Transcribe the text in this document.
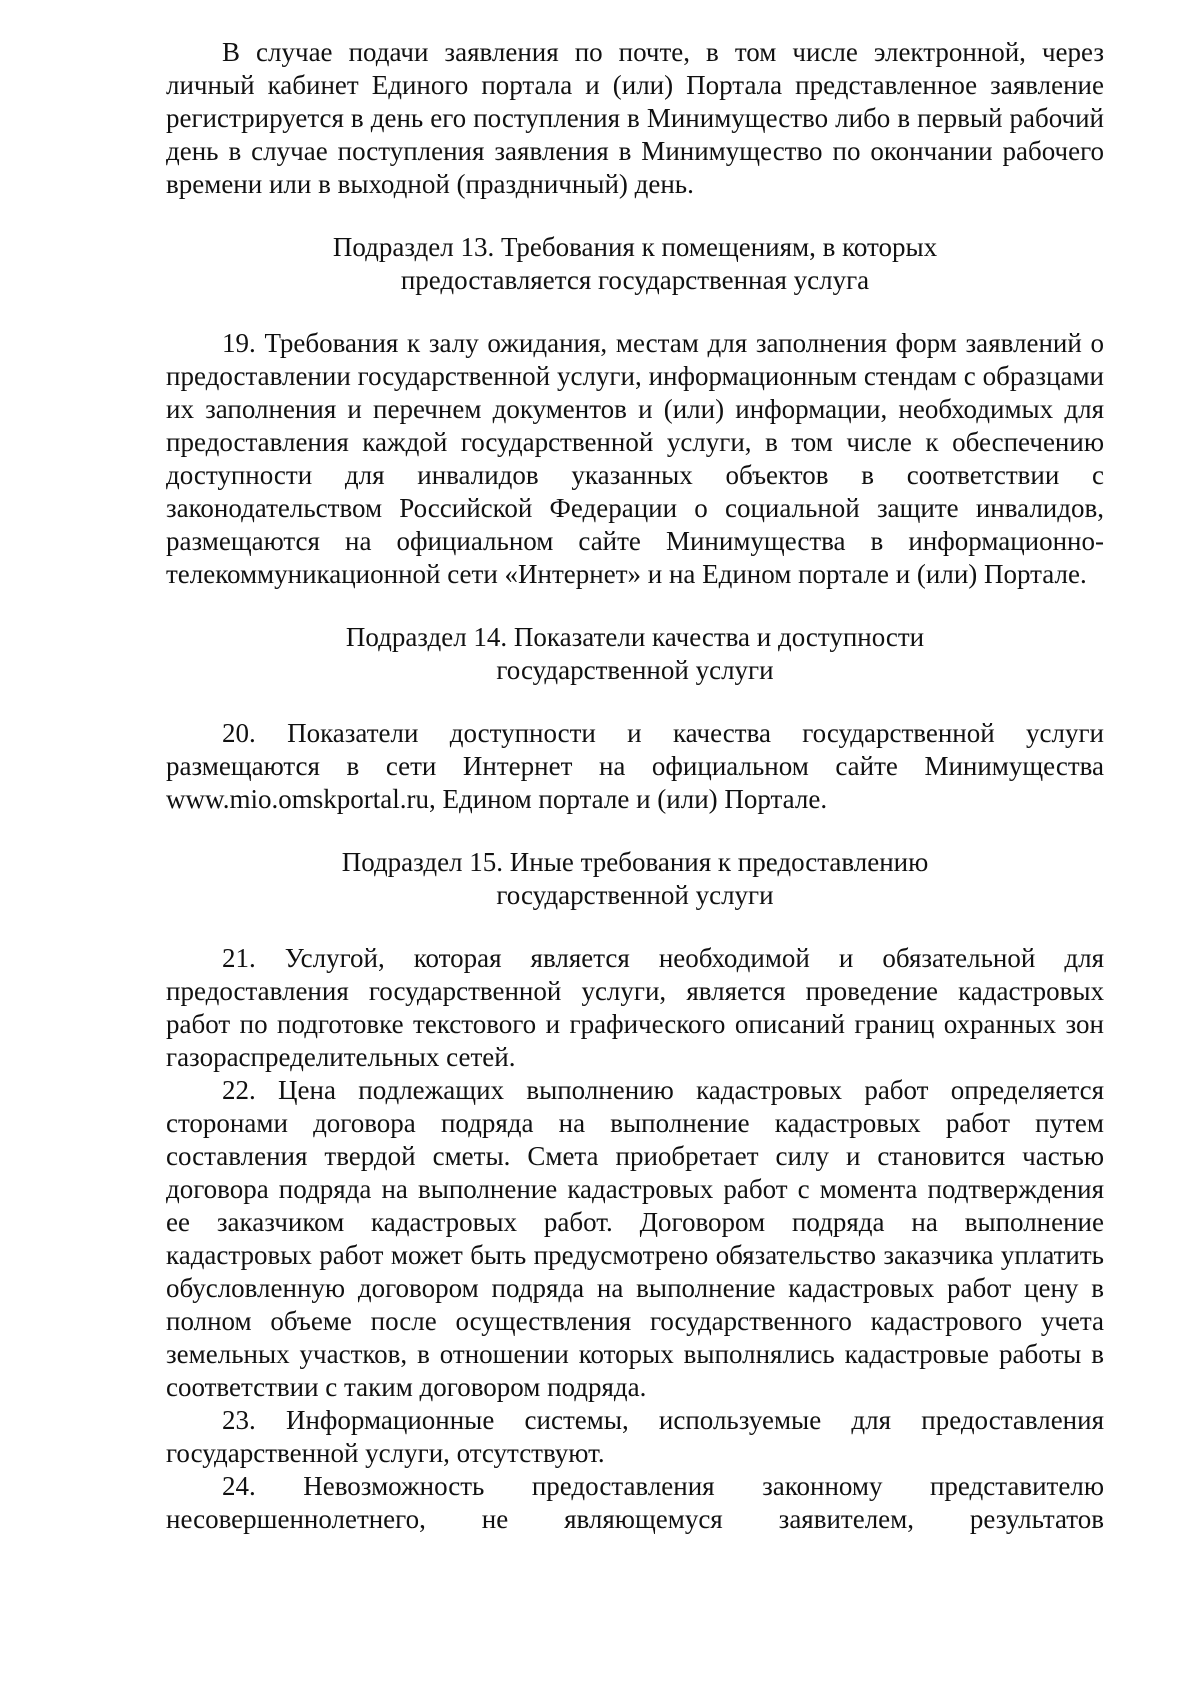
В случае подачи заявления по почте, в том числе электронной, через личный кабинет Единого портала и (или) Портала представленное заявление регистрируется в день его поступления в Минимущество либо в первый рабочий день в случае поступления заявления в Минимущество по окончании рабочего времени или в выходной (праздничный) день.

Подраздел 13. Требования к помещениям, в которых
предоставляется государственная услуга

19. Требования к залу ожидания, местам для заполнения форм заявлений о предоставлении государственной услуги, информационным стендам с образцами их заполнения и перечнем документов и (или) информации, необходимых для предоставления каждой государственной услуги, в том числе к обеспечению доступности для инвалидов указанных объектов в соответствии с законодательством Российской Федерации о социальной защите инвалидов, размещаются на официальном сайте Минимущества в информационно-телекоммуникационной сети «Интернет» и на Едином портале и (или) Портале.

Подраздел 14. Показатели качества и доступности
государственной услуги

20. Показатели доступности и качества государственной услуги размещаются в сети Интернет на официальном сайте Минимущества www.mio.omskportal.ru, Едином портале и (или) Портале.

Подраздел 15. Иные требования к предоставлению
государственной услуги

21. Услугой, которая является необходимой и обязательной для предоставления государственной услуги, является проведение кадастровых работ по подготовке текстового и графического описаний границ охранных зон газораспределительных сетей.

22. Цена подлежащих выполнению кадастровых работ определяется сторонами договора подряда на выполнение кадастровых работ путем составления твердой сметы. Смета приобретает силу и становится частью договора подряда на выполнение кадастровых работ с момента подтверждения ее заказчиком кадастровых работ. Договором подряда на выполнение кадастровых работ может быть предусмотрено обязательство заказчика уплатить обусловленную договором подряда на выполнение кадастровых работ цену в полном объеме после осуществления государственного кадастрового учета земельных участков, в отношении которых выполнялись кадастровые работы в соответствии с таким договором подряда.

23. Информационные системы, используемые для предоставления государственной услуги, отсутствуют.

24. Невозможность предоставления законному представителю несовершеннолетнего, не являющемуся заявителем, результатов
